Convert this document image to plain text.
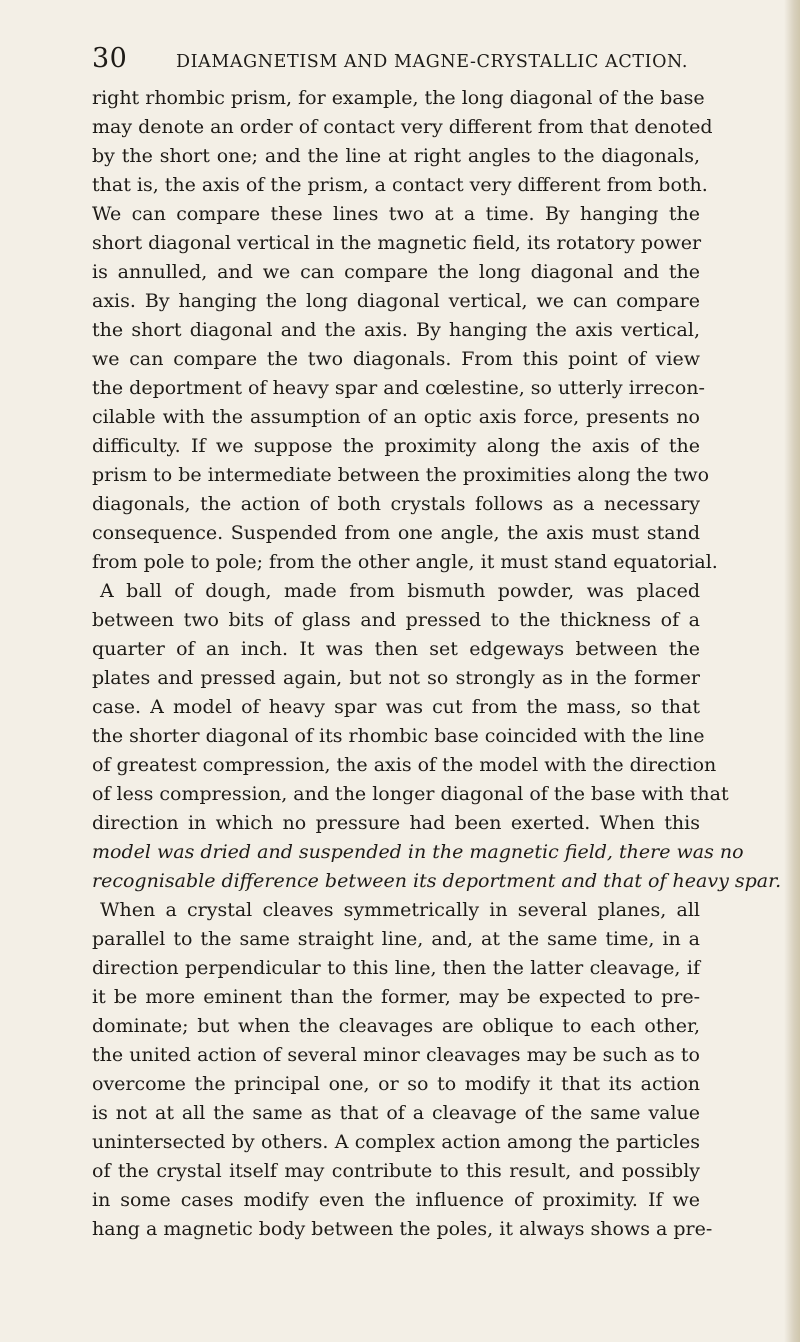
30	DIAMAGNETISM AND MAGNE-CRYSTALLIC ACTION.
right rhombic prism, for example, the long diagonal of the base
may denote an order of contact very different from that denoted
by the short one; and the line at right angles to the diagonals,
that is, the axis of the prism, a contact very different from both.
We can compare these lines two at a time. By hanging the
short diagonal vertical in the magnetic field, its rotatory power
is annulled, and we can compare the long diagonal and the
axis. By hanging the long diagonal vertical, we can compare
the short diagonal and the axis. By hanging the axis vertical,
we can compare the two diagonals. From this point of view
the deportment of heavy spar and cœlestine, so utterly irrecon-
cilable with the assumption of an optic axis force, presents no
difficulty. If we suppose the proximity along the axis of the
prism to be intermediate between the proximities along the two
diagonals, the action of both crystals follows as a necessary
consequence. Suspended from one angle, the axis must stand
from pole to pole; from the other angle, it must stand equatorial.
A ball of dough, made from bismuth powder, was placed
between two bits of glass and pressed to the thickness of a
quarter of an inch. It was then set edgeways between the
plates and pressed again, but not so strongly as in the former
case. A model of heavy spar was cut from the mass, so that
the shorter diagonal of its rhombic base coincided with the line
of greatest compression, the axis of the model with the direction
of less compression, and the longer diagonal of the base with that
direction in which no pressure had been exerted. When this
model was dried and suspended in the magnetic field, there was no
recognisable difference between its deportment and that of heavy spar.
When a crystal cleaves symmetrically in several planes, all
parallel to the same straight line, and, at the same time, in a
direction perpendicular to this line, then the latter cleavage, if
it be more eminent than the former, may be expected to pre-
dominate; but when the cleavages are oblique to each other,
the united action of several minor cleavages may be such as to
overcome the principal one, or so to modify it that its action
is not at all the same as that of a cleavage of the same value
unintersected by others. A complex action among the particles
of the crystal itself may contribute to this result, and possibly
in some cases modify even the influence of proximity. If we
hang a magnetic body between the poles, it always shows a pre-
